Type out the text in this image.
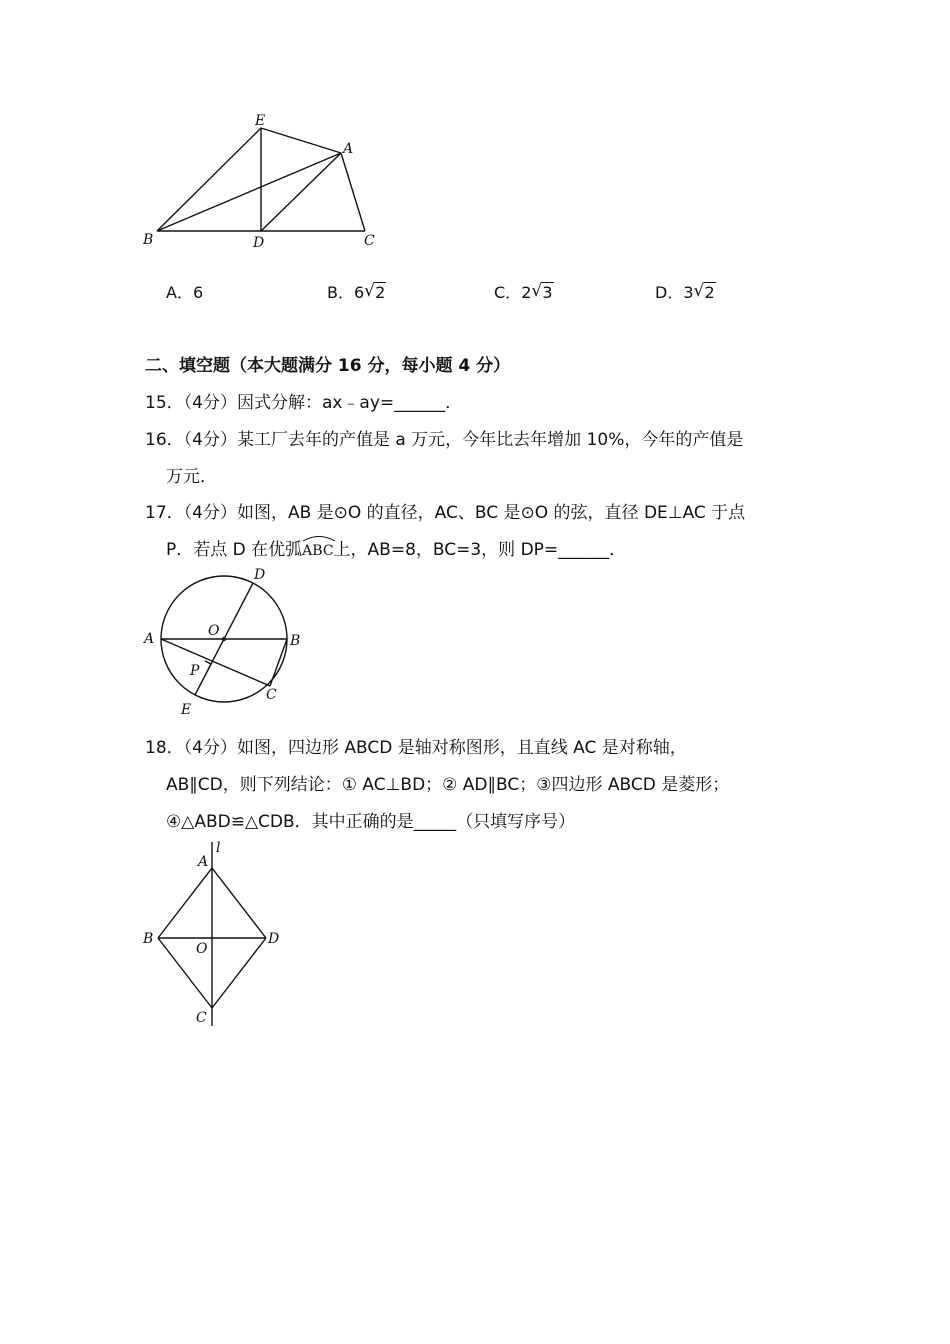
E
A
B	D	C
A．6	B．6 √ 2	C．2 √ 3	D．3 √ 2
二、填空题（本大题满分 16 分，每小题 4 分）
15．（4分）因式分解：ax﹣ay=______．
16．（4分）某工厂去年的产值是 a 万元，今年比去年增加 10%，今年的产值是
万元．
17．（4分）如图，AB 是⊙O 的直径，AC、BC 是⊙O 的弦，直径 DE⊥AC 于点
P．若点 D 在优弧
ABC上，AB=8，BC=3，则 DP=______．
D
A	O
B
P
C
E
18．（4分）如图，四边形 ABCD 是轴对称图形，且直线 AC 是对称轴，
AB∥CD，则下列结论：① AC⊥BD；② AD∥BC；③四边形 ABCD 是菱形；
④△ABD≌△CDB．其中正确的是_____（只填写序号）
A
l
B
O
D
C
